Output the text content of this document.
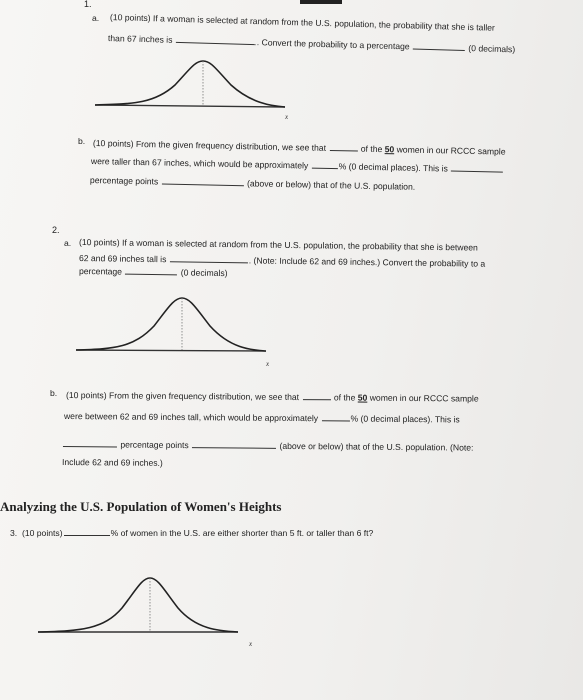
1.
a. (10 points) If a woman is selected at random from the U.S. population, the probability that she is taller
than 67 inches is	. Convert the probability to a percentage	(0 decimals)
x
b. (10 points) From the given frequency distribution, we see that	of the 50 women in our RCCC sample
were taller than 67 inches, which would be approximately	% (0 decimal places). This is
percentage points	(above or below) that of the U.S. population.
2.
a. (10 points) If a woman is selected at random from the U.S. population, the probability that she is between
62 and 69 inches tall is	. (Note: Include 62 and 69 inches.) Convert the probability to a
percentage	(0 decimals)
x
b. (10 points) From the given frequency distribution, we see that	of the 50 women in our RCCC sample
were between 62 and 69 inches tall, which would be approximately	% (0 decimal places). This is
percentage points	(above or below) that of the U.S. population. (Note:
Include 62 and 69 inches.)
Analyzing the U.S. Population of Women's Heights
3. (10 points)	% of women in the U.S. are either shorter than 5 ft. or taller than 6 ft?
x
